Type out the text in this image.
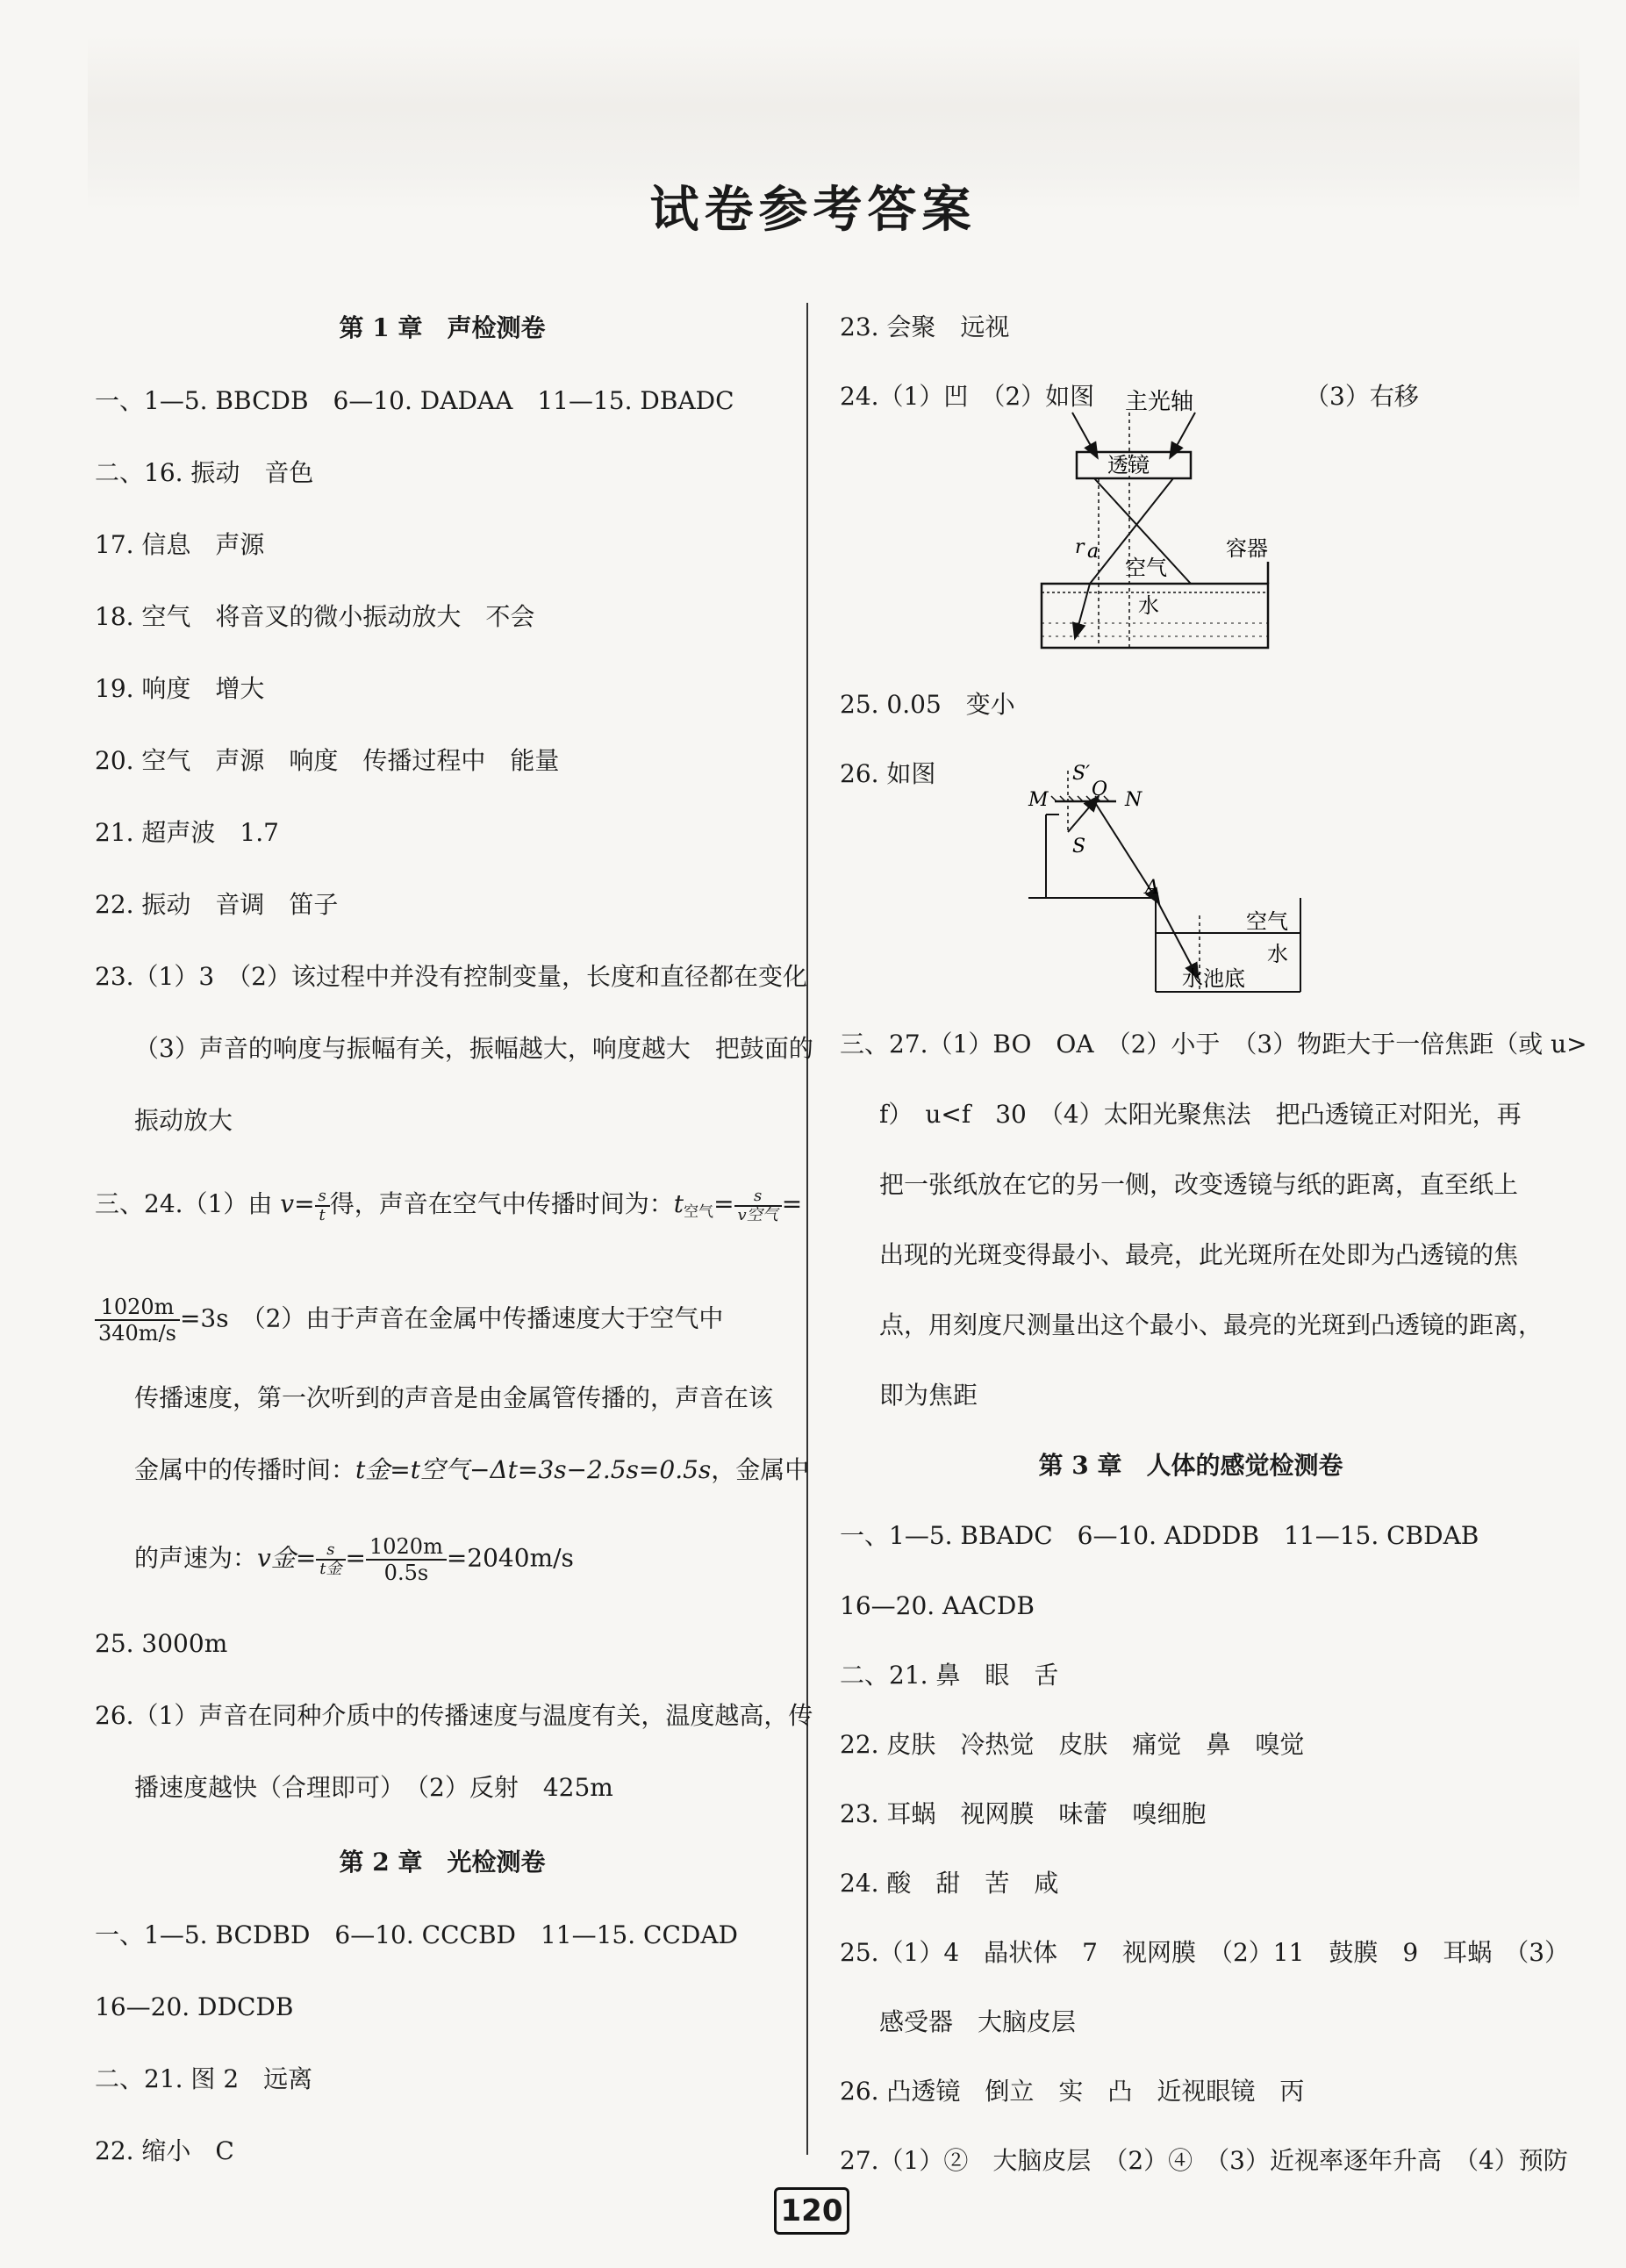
试卷参考答案
第 1 章　声检测卷
一、1—5. BBCDB　6—10. DADAA　11—15. DBADC
二、16. 振动　音色
17. 信息　声源
18. 空气　将音叉的微小振动放大　不会
19. 响度　增大
20. 空气　声源　响度　传播过程中　能量
21. 超声波　1.7
22. 振动　音调　笛子
23.（1）3　（2）该过程中并没有控制变量，长度和直径都在变化
（3）声音的响度与振幅有关，振幅越大，响度越大　把鼓面的
振动放大
三、24.（1）由 $v= \frac{s}{t}$ 得，声音在空气中传播时间为：$t_{空气}= \frac{s}{\text{v空气}}$ =
$\frac{1020m}{340m/s} =3s$　（2）由于声音在金属中传播速度大于空气中
传播速度，第一次听到的声音是由金属管传播的，声音在该
金属中的传播时间：t金=t空气−Δt=3s−2.5s=0.5s，金属中
的声速为：v金= $\frac{s}{\text{t金}} = \frac{1020m}{0.5s} =2040m/s$
25. 3000m
26.（1）声音在同种介质中的传播速度与温度有关，温度越高，传
播速度越快（合理即可）　（2）反射　425m
第 2 章　光检测卷
一、1—5. BCDBD　6—10. CCCBD　11—15. CCDAD
16—20. DDCDB
二、21. 图 2　远离
22. 缩小　C
23. 会聚　远视
24.（1）凹　（2）如图	（3）右移
透镜
主光轴
容器
空气
水
r a
25. 0.05　变小
26. 如图	S′
M O N
S
A
空气
水
水池底
三、27.（1）BO　OA　（2）小于　（3）物距大于一倍焦距（或 u>
f）　u<f　30　（4）太阳光聚焦法　把凸透镜正对阳光，再
把一张纸放在它的另一侧，改变透镜与纸的距离，直至纸上
出现的光斑变得最小、最亮，此光斑所在处即为凸透镜的焦
点，用刻度尺测量出这个最小、最亮的光斑到凸透镜的距离，
即为焦距
第 3 章　人体的感觉检测卷
一、1—5. BBADC　6—10. ADDDB　11—15. CBDAB
16—20. AACDB
二、21. 鼻　眼　舌
22. 皮肤　冷热觉　皮肤　痛觉　鼻　嗅觉
23. 耳蜗　视网膜　味蕾　嗅细胞
24. 酸　甜　苦　咸
25.（1）4　晶状体　7　视网膜　（2）11　鼓膜　9　耳蜗　（3）
感受器　大脑皮层
26. 凸透镜　倒立　实　凸　近视眼镜　丙
27.（1）②　大脑皮层　（2）④　（3）近视率逐年升高　（4）预防
120
